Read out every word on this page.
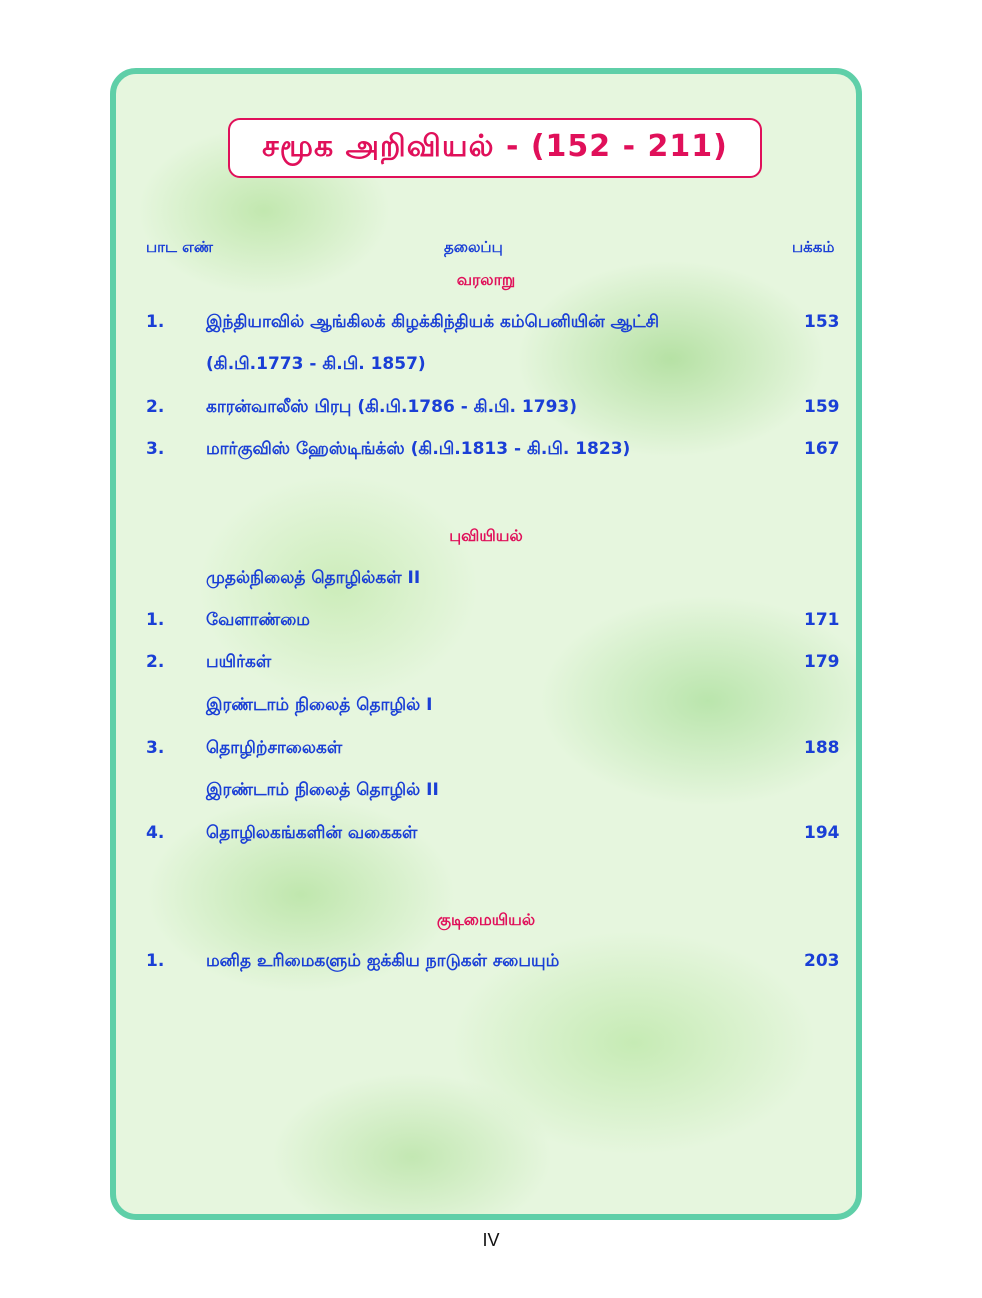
சமூக அறிவியல் - (152 - 211)
பாட எண்	தலைப்பு	பக்கம்
வரலாறு
1. இந்தியாவில் ஆங்கிலக் கிழக்கிந்தியக் கம்பெனியின் ஆட்சி	153
(கி.பி.1773 - கி.பி. 1857)
2. காரன்வாலீஸ் பிரபு (கி.பி.1786 - கி.பி. 1793)	159
3. மார்குவிஸ் ஹேஸ்டிங்க்ஸ் (கி.பி.1813 - கி.பி. 1823)	167
புவியியல்
முதல்நிலைத் தொழில்கள் II
1. வேளாண்மை	171
2. பயிர்கள்	179
இரண்டாம் நிலைத் தொழில் I
3. தொழிற்சாலைகள்	188
இரண்டாம் நிலைத் தொழில் II
4. தொழிலகங்களின் வகைகள்	194
குடிமையியல்
1. மனித உரிமைகளும் ஐக்கிய நாடுகள் சபையும்	203
IV
